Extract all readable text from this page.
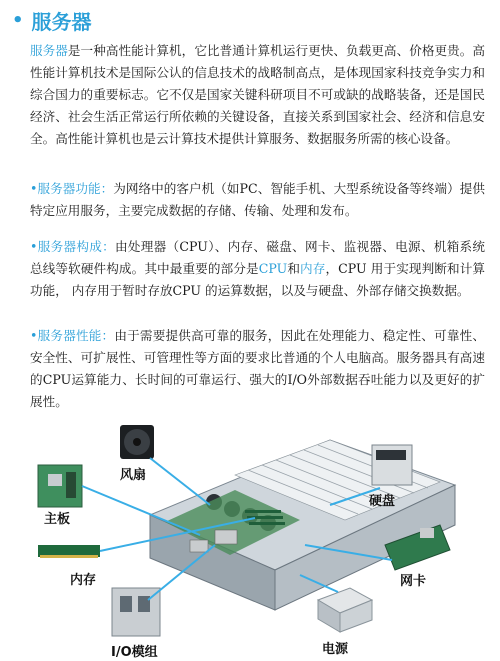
• 服务器
服务器是一种高性能计算机，它比普通计算机运行更快、负载更高、价格更贵。高性能计算机技术是国际公认的信息技术的战略制高点，是体现国家科技竞争实力和综合国力的重要标志。它不仅是国家关键科研项目不可或缺的战略装备，还是国民经济、社会生活正常运行所依赖的关键设备，直接关系到国家社会、经济和信息安全。高性能计算机也是云计算技术提供计算服务、数据服务所需的核心设备。
•服务器功能：为网络中的客户机（如PC、智能手机、大型系统设备等终端）提供特定应用服务，主要完成数据的存储、传输、处理和发布。
•服务器构成：由处理器（CPU）、内存、磁盘、网卡、监视器、电源、机箱系统总线等软硬件构成。其中最重要的部分是CPU和内存，CPU 用于实现判断和计算功能， 内存用于暂时存放CPU 的运算数据，以及与硬盘、外部存储交换数据。
•服务器性能：由于需要提供高可靠的服务，因此在处理能力、稳定性、可靠性、安全性、可扩展性、可管理性等方面的要求比普通的个人电脑高。服务器具有高速的CPU运算能力、长时间的可靠运行、强大的I/O外部数据吞吐能力以及更好的扩展性。
风扇
主板
内存
I/O模组
硬盘
网卡
电源
